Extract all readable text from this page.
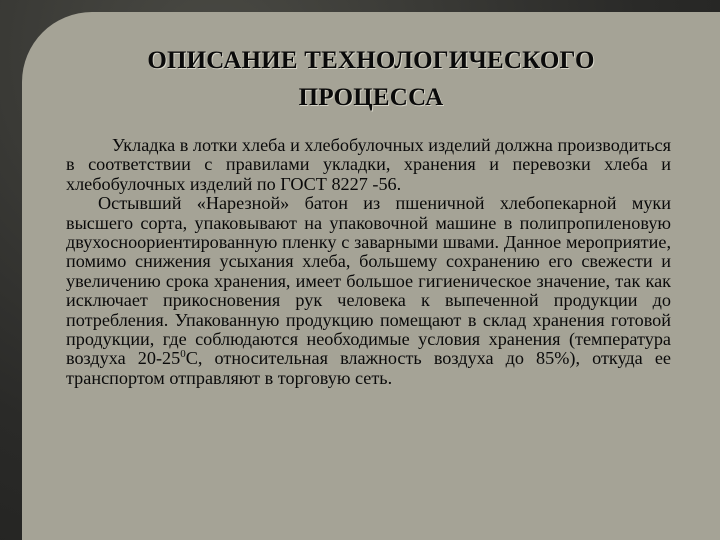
ОПИСАНИЕ ТЕХНОЛОГИЧЕСКОГО
ПРОЦЕССА

Укладка в лотки хлеба и хлебобулочных изделий должна производиться в соответствии с правилами укладки, хранения и перевозки хлеба и хлебобулочных изделий по ГОСТ 8227 -56.

Остывший «Нарезной» батон из пшеничной хлебопекарной муки высшего сорта, упаковывают на упаковочной машине в полипропиленовую двухосноориентированную пленку с заварными швами. Данное мероприятие, помимо снижения усыхания хлеба, большему сохранению его свежести и увеличению срока хранения, имеет большое гигиеническое значение, так как исключает прикосновения рук человека к выпеченной продукции до потребления. Упакованную продукцию помещают в склад хранения готовой продукции, где соблюдаются необходимые условия хранения (температура воздуха $20-25^0С$, относительная влажность воздуха до 85%), откуда ее транспортом отправляют в торговую сеть.
